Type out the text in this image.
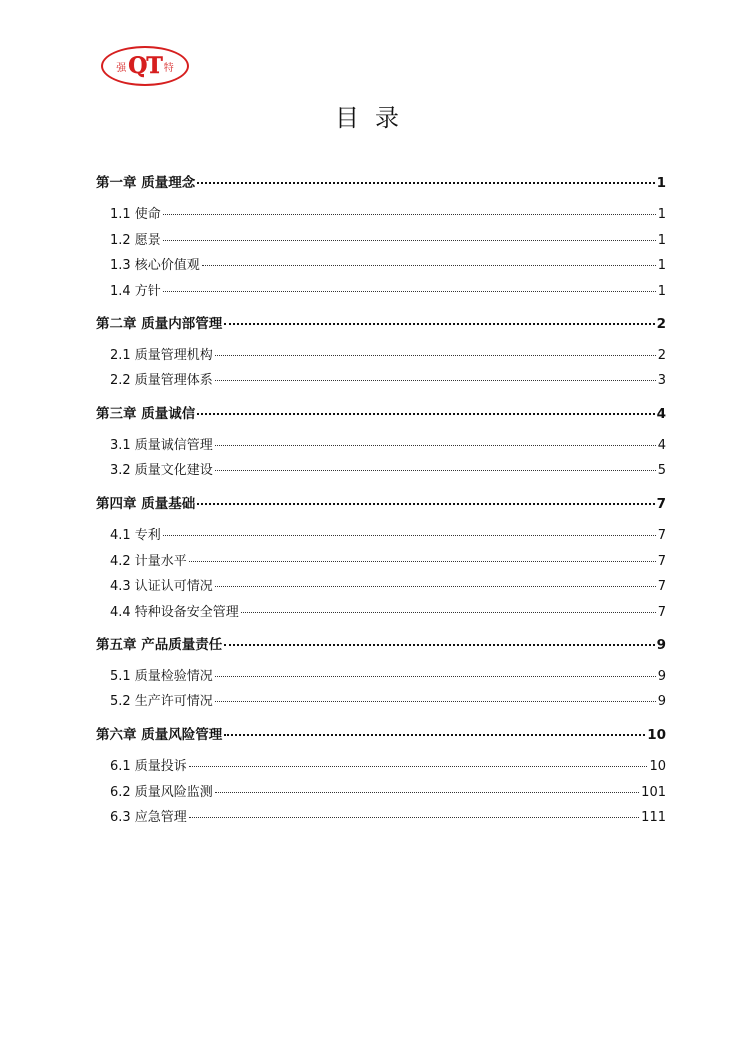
强 QT 特
目录
第一章 质量理念	1
1.1 使命	1
1.2 愿景	1
1.3 核心价值观	1
1.4 方针	1
第二章 质量内部管理	2
2.1 质量管理机构	2
2.2 质量管理体系	3
第三章 质量诚信	4
3.1 质量诚信管理	4
3.2 质量文化建设	5
第四章 质量基础	7
4.1 专利	7
4.2 计量水平	7
4.3 认证认可情况	7
4.4 特种设备安全管理	7
第五章 产品质量责任	9
5.1 质量检验情况	9
5.2 生产许可情况	9
第六章 质量风险管理	10
6.1 质量投诉	10
6.2 质量风险监测	101
6.3 应急管理	111
